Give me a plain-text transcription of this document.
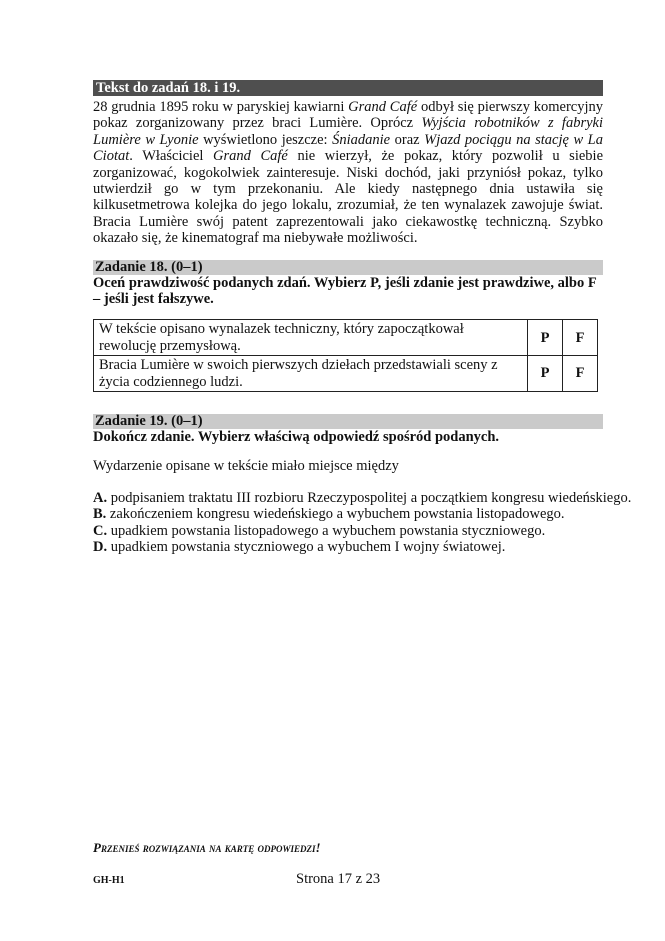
Tekst do zadań 18. i 19.
28 grudnia 1895 roku w paryskiej kawiarni Grand Café odbył się pierwszy komercyjny pokaz zorganizowany przez braci Lumière. Oprócz Wyjścia robotników z fabryki Lumière w Lyonie wyświetlono jeszcze: Śniadanie oraz Wjazd pociągu na stację w La Ciotat. Właściciel Grand Café nie wierzył, że pokaz, który pozwolił u siebie zorganizować, kogokolwiek zainteresuje. Niski dochód, jaki przyniósł pokaz, tylko utwierdził go w tym przekonaniu. Ale kiedy następnego dnia ustawiła się kilkusetmetrowa kolejka do jego lokalu, zrozumiał, że ten wynalazek zawojuje świat. Bracia Lumière swój patent zaprezentowali jako ciekawostkę techniczną. Szybko okazało się, że kinematograf ma niebywałe możliwości.
Zadanie 18. (0–1)
Oceń prawdziwość podanych zdań. Wybierz P, jeśli zdanie jest prawdziwe, albo F – jeśli jest fałszywe.
W tekście opisano wynalazek techniczny, który zapoczątkował rewolucję przemysłową.	P	F
Bracia Lumière w swoich pierwszych dziełach przedstawiali sceny z życia codziennego ludzi.	P	F
Zadanie 19. (0–1)
Dokończ zdanie. Wybierz właściwą odpowiedź spośród podanych.
Wydarzenie opisane w tekście miało miejsce między
A. podpisaniem traktatu III rozbioru Rzeczypospolitej a początkiem kongresu wiedeńskiego.
B. zakończeniem kongresu wiedeńskiego a wybuchem powstania listopadowego.
C. upadkiem powstania listopadowego a wybuchem powstania styczniowego.
D. upadkiem powstania styczniowego a wybuchem I wojny światowej.
Przenieś rozwiązania na kartę odpowiedzi!
GH-H1	Strona 17 z 23
